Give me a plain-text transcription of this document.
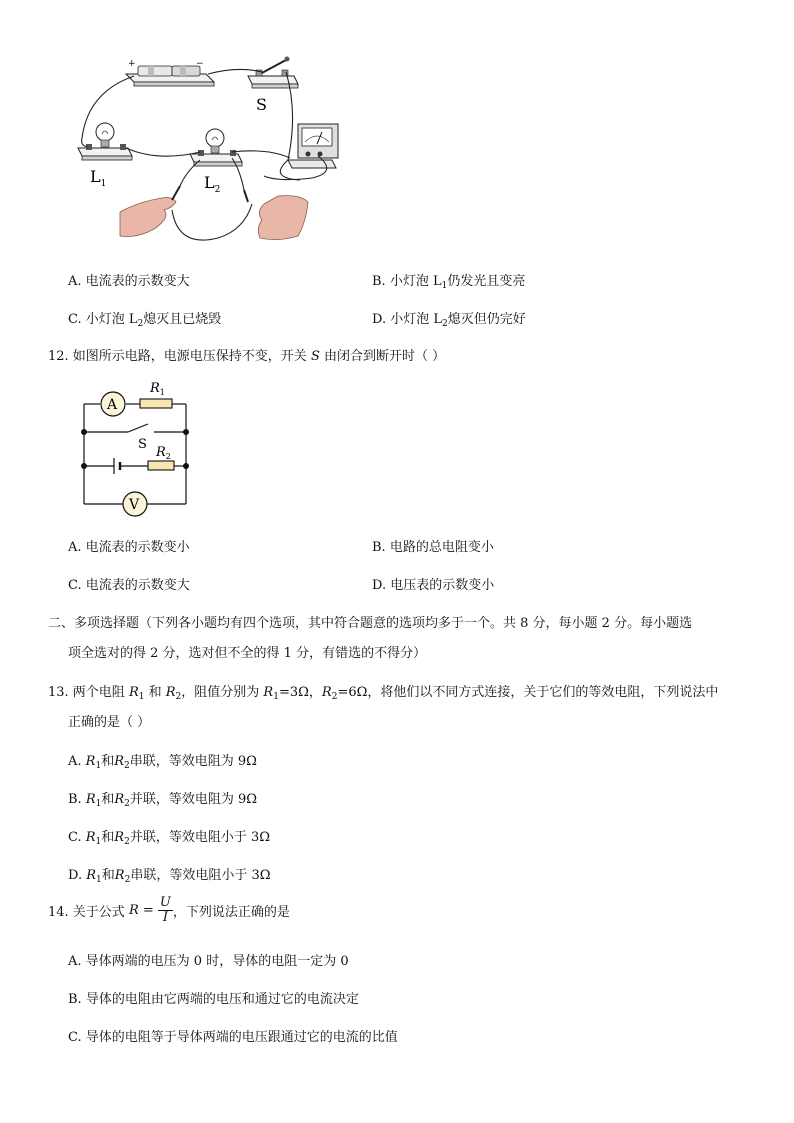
+	−
S
$L_1$	$L_2$
A. 电流表的示数变大	B. 小灯泡 $L_1$仍发光且变亮
C. 小灯泡 $L_2$熄灭且已烧毁	D. 小灯泡 $L_2$熄灭但仍完好
12. 如图所示电路，电源电压保持不变，开关 S 由闭合到断开时（ ）
A
$R_1$
S
$R_2$
V
A. 电流表的示数变小	B. 电路的总电阻变小
C. 电流表的示数变大	D. 电压表的示数变小
二、多项选择题（下列各小题均有四个选项，其中符合题意的选项均多于一个。共 8 分，每小题 2 分。每小题选
项全选对的得 2 分，选对但不全的得 1 分，有错选的不得分）
13. 两个电阻 $R_1$ 和 $R_2$，阻值分别为 $R_1=3\Omega$，$R_2=6\Omega$，将他们以不同方式连接，关于它们的等效电阻，下列说法中
正确的是（ ）
A. $R_1$和$R_2$串联，等效电阻为 9Ω
B. $R_1$和$R_2$并联，等效电阻为 9Ω
C. $R_1$和$R_2$并联，等效电阻小于 3Ω
D. $R_1$和$R_2$串联，等效电阻小于 3Ω
14. 关于公式 $R = \frac{U}{I}$ ，下列说法正确的是
A. 导体两端的电压为 0 时，导体的电阻一定为 0
B. 导体的电阻由它两端的电压和通过它的电流决定
C. 导体的电阻等于导体两端的电压跟通过它的电流的比值
